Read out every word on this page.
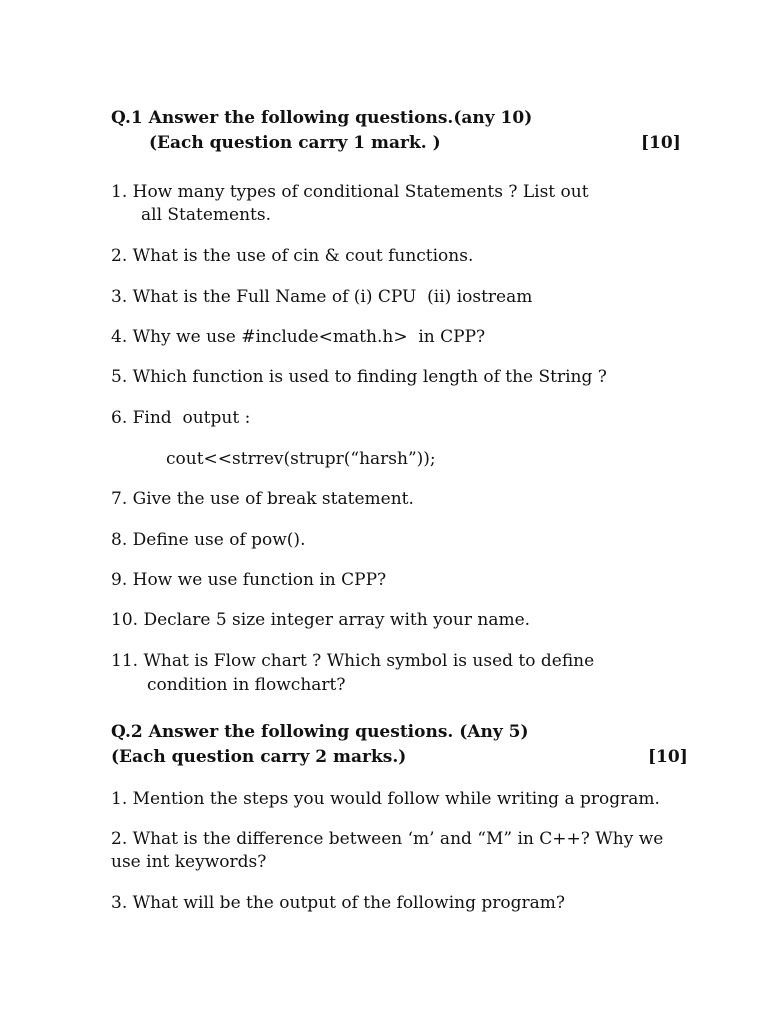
Q.1 Answer the following questions.(any 10)
(Each question carry 1 mark. )	[10]
1. How many types of conditional Statements ? List out
all Statements.
2. What is the use of cin & cout functions.
3. What is the Full Name of (i) CPU  (ii) iostream
4. Why we use #include<math.h>  in CPP?
5. Which function is used to finding length of the String ?
6. Find  output :
cout<<strrev(strupr(“harsh”));
7. Give the use of break statement.
8. Define use of pow().
9. How we use function in CPP?
10. Declare 5 size integer array with your name.
11. What is Flow chart ? Which symbol is used to define
condition in flowchart?
Q.2 Answer the following questions. (Any 5)
(Each question carry 2 marks.)	[10]
1. Mention the steps you would follow while writing a program.
2. What is the difference between ‘m’ and “M” in C++? Why we
use int keywords?
3. What will be the output of the following program?
